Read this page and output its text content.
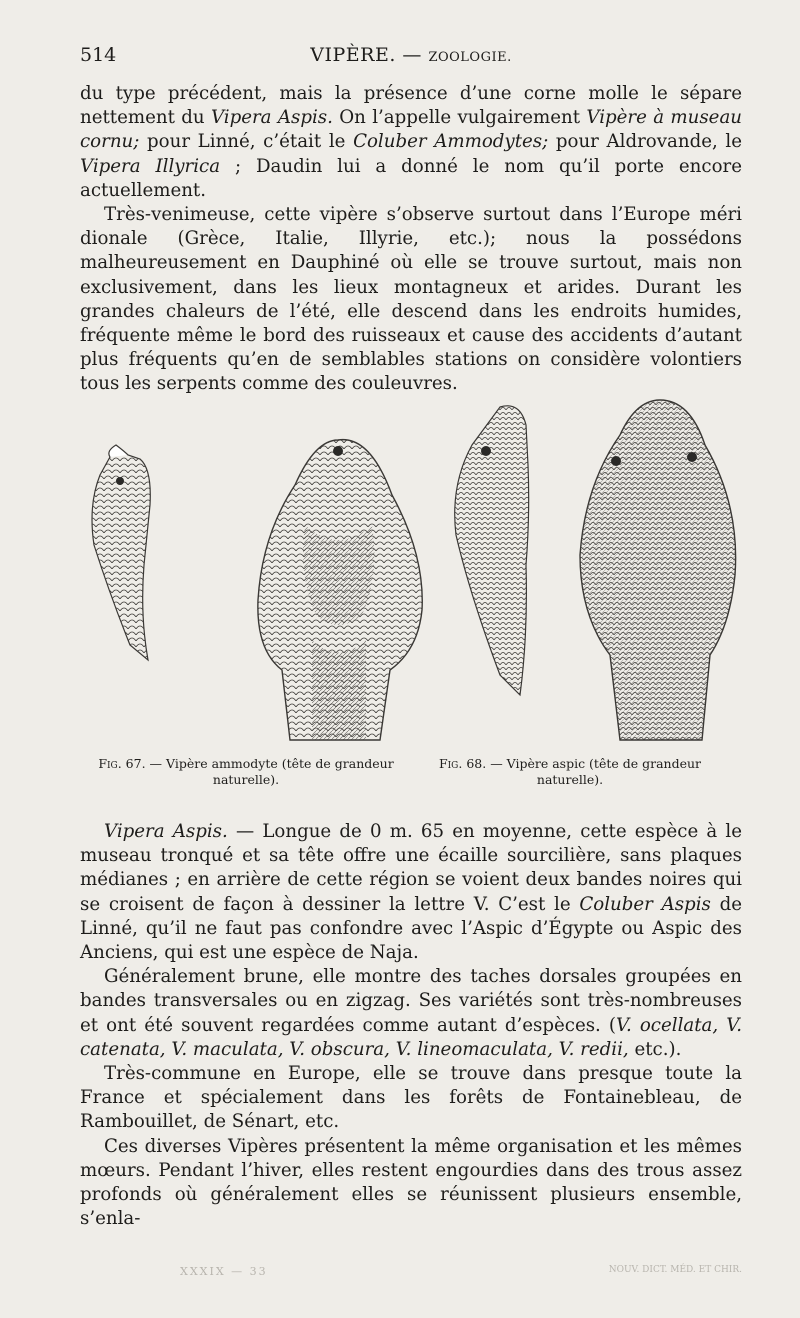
514	VIPÈRE. — ZOOLOGIE.

du type précédent, mais la présence d’une corne molle le sépare nettement du Vipera Aspis. On l’appelle vulgairement Vipère à museau cornu; pour Linné, c’était le Coluber Ammodytes; pour Aldrovande, le Vipera Illyrica ; Daudin lui a donné le nom qu’il porte encore actuellement.

Très-venimeuse, cette vipère s’observe surtout dans l’Europe méri dionale (Grèce, Italie, Illyrie, etc.); nous la possédons malheureusement en Dauphiné où elle se trouve surtout, mais non exclusivement, dans les lieux montagneux et arides. Durant les grandes chaleurs de l’été, elle descend dans les endroits humides, fréquente même le bord des ruisseaux et cause des accidents d’autant plus fréquents qu’en de semblables stations on considère volontiers tous les serpents comme des couleuvres.

Fig. 67. — Vipère ammodyte (tête de grandeur naturelle).
Fig. 68. — Vipère aspic (tête de grandeur naturelle).

Vipera Aspis. — Longue de 0 m. 65 en moyenne, cette espèce à le museau tronqué et sa tête offre une écaille sourcilière, sans plaques médianes ; en arrière de cette région se voient deux bandes noires qui se croisent de façon à dessiner la lettre V. C’est le Coluber Aspis de Linné, qu’il ne faut pas confondre avec l’Aspic d’Égypte ou Aspic des Anciens, qui est une espèce de Naja.

Généralement brune, elle montre des taches dorsales groupées en bandes transversales ou en zigzag. Ses variétés sont très-nombreuses et ont été souvent regardées comme autant d’espèces. (V. ocellata, V. catenata, V. maculata, V. obscura, V. lineomaculata, V. redii, etc.).

Très-commune en Europe, elle se trouve dans presque toute la France et spécialement dans les forêts de Fontainebleau, de Rambouillet, de Sénart, etc.

Ces diverses Vipères présentent la même organisation et les mêmes mœurs. Pendant l’hiver, elles restent engourdies dans des trous assez profonds où généralement elles se réunissent plusieurs ensemble, s’enla-

XXXIX — 33	NOUV. DICT. MÉD. ET CHIR.
